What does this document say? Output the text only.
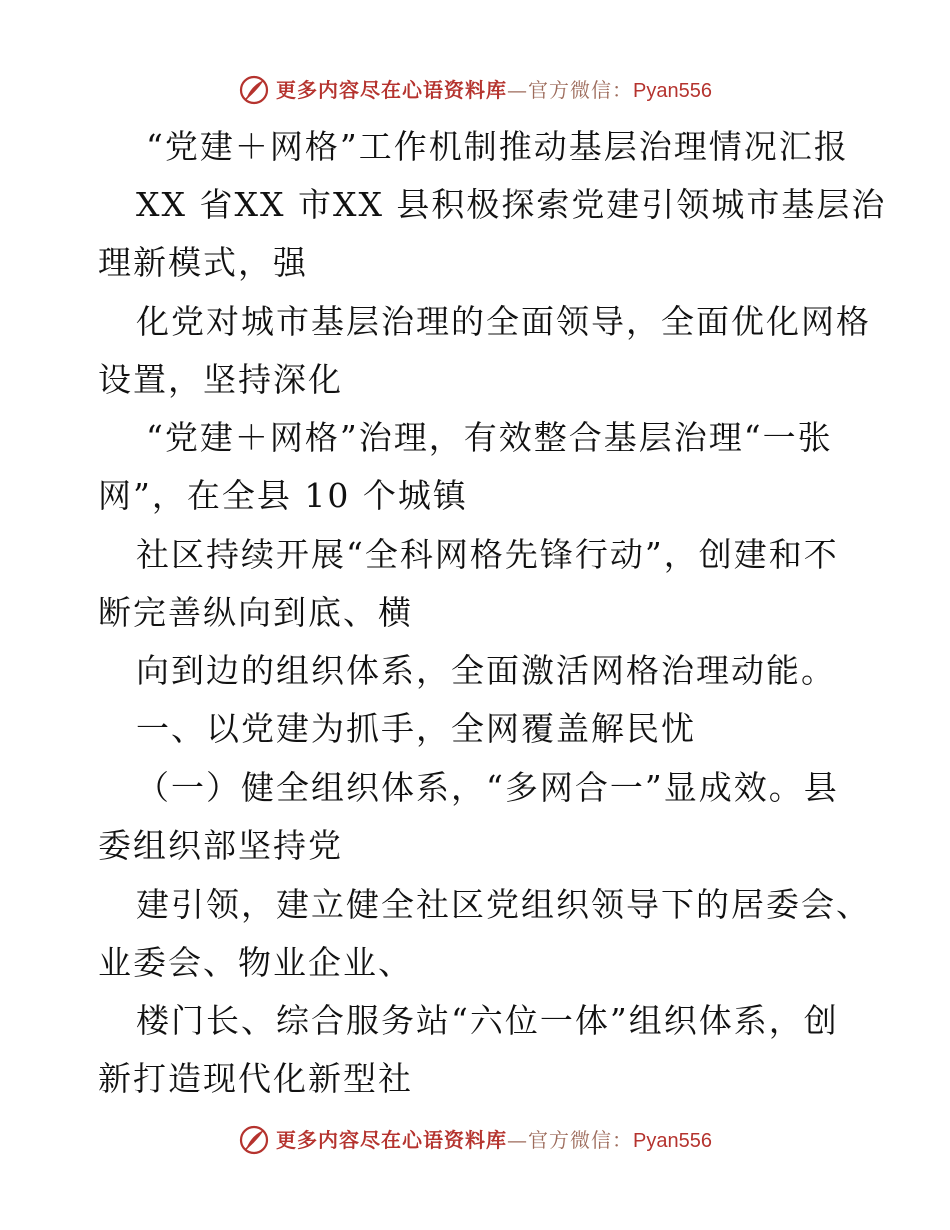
更多内容尽在心语资料库 — 官方微信： Pyan556
“党建＋网格”工作机制推动基层治理情况汇报
XX 省XX 市XX 县积极探索党建引领城市基层治
理新模式，强
化党对城市基层治理的全面领导，全面优化网格
设置，坚持深化
“党建＋网格”治理，有效整合基层治理“一张
网”，在全县 10 个城镇
社区持续开展“全科网格先锋行动”，创建和不
断完善纵向到底、横
向到边的组织体系，全面激活网格治理动能。
一、以党建为抓手，全网覆盖解民忧
（一）健全组织体系，“多网合一”显成效。县
委组织部坚持党
建引领，建立健全社区党组织领导下的居委会、
业委会、物业企业、
楼门长、综合服务站“六位一体”组织体系，创
新打造现代化新型社
更多内容尽在心语资料库 — 官方微信： Pyan556
